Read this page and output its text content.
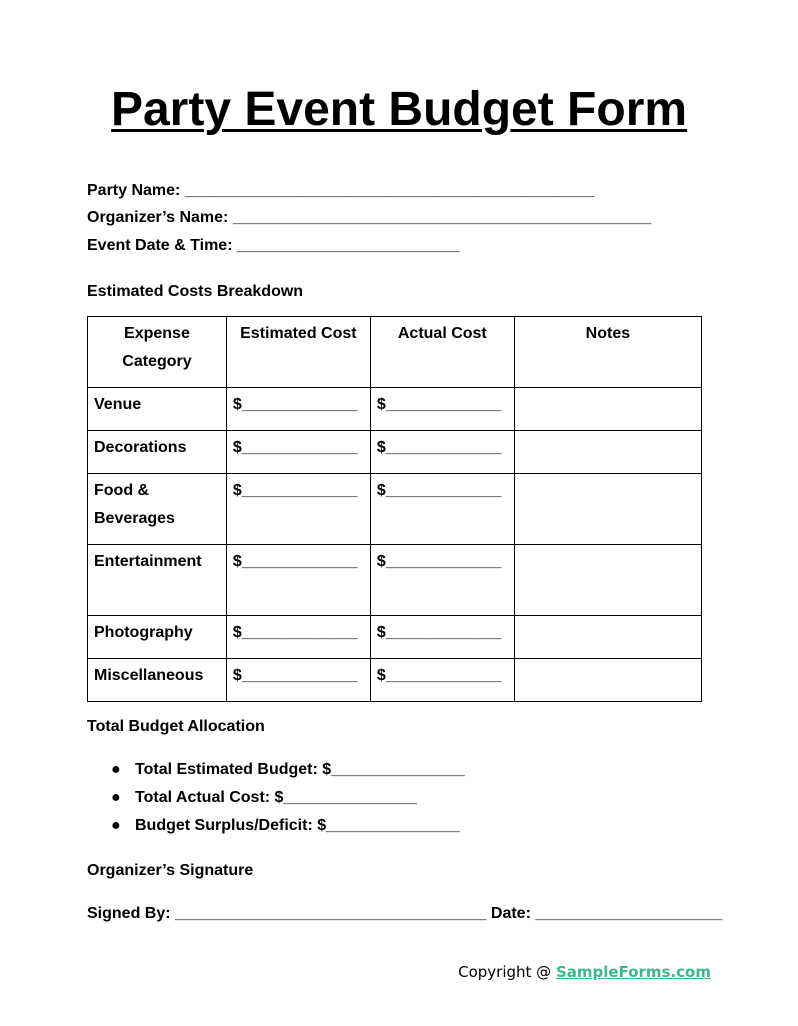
Party Event Budget Form
Party Name: ______________________________________________
Organizer’s Name: _______________________________________________
Event Date & Time: _________________________
Estimated Costs Breakdown
Expense Category	Estimated Cost	Actual Cost	Notes
Venue	$_____________	$_____________	
Decorations	$_____________	$_____________	
Food & Beverages	$_____________	$_____________	
Entertainment	$_____________	$_____________	
Photography	$_____________	$_____________	
Miscellaneous	$_____________	$_____________	
Total Budget Allocation
● Total Estimated Budget: $_______________
● Total Actual Cost: $_______________
● Budget Surplus/Deficit: $_______________
Organizer’s Signature
Signed By: ___________________________________ Date: _____________________
Copyright @ SampleForms.com
